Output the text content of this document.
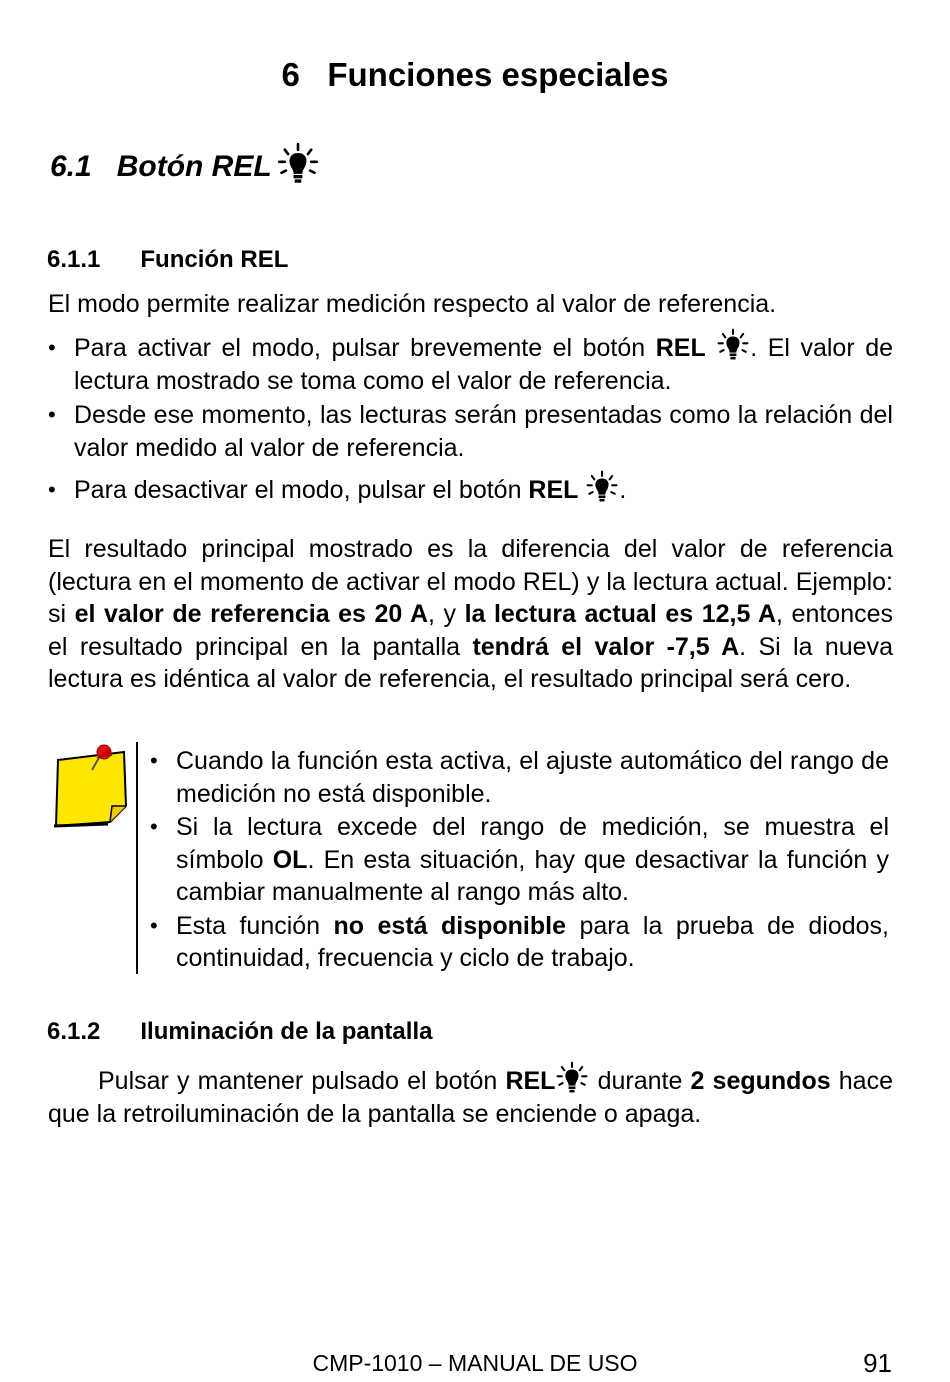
6   Funciones especiales
6.1   Botón REL
6.1.1      Función REL

El modo permite realizar medición respecto al valor de referencia.

• Para activar el modo, pulsar brevemente el botón REL . El valor de lectura mostrado se toma como el valor de referencia.
• Desde ese momento, las lecturas serán presentadas como la relación del valor medido al valor de referencia.
• Para desactivar el modo, pulsar el botón REL .

El resultado principal mostrado es la diferencia del valor de referencia (lectura en el momento de activar el modo REL) y la lectura actual. Ejemplo: si el valor de referencia es 20 A, y la lectura actual es 12,5 A, entonces el resultado principal en la pantalla tendrá el valor -7,5 A. Si la nueva lectura es idéntica al valor de referencia, el resultado principal será cero.

• Cuando la función esta activa, el ajuste automático del rango de medición no está disponible.
• Si la lectura excede del rango de medición, se muestra el símbolo OL. En esta situación, hay que desactivar la función y cambiar manualmente al rango más alto.
• Esta función no está disponible para la prueba de diodos, continuidad, frecuencia y ciclo de trabajo.
6.1.2      Iluminación de la pantalla

Pulsar y mantener pulsado el botón REL durante 2 segundos hace que la retroiluminación de la pantalla se enciende o apaga.

CMP-1010 – MANUAL DE USO	91
